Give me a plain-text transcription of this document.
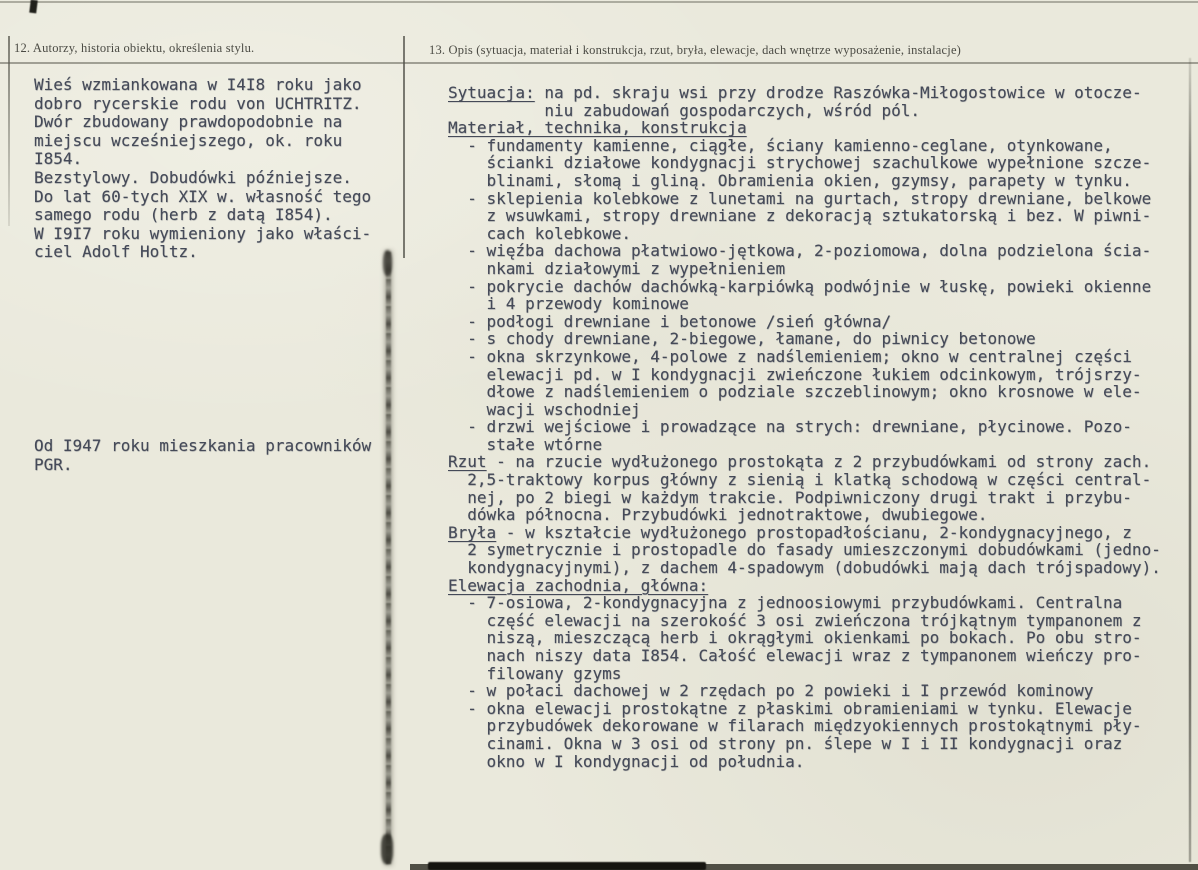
12. Autorzy, historia obiektu, określenia stylu.	13. Opis (sytuacja, materiał i konstrukcja, rzut, bryła, elewacje, dach wnętrze wyposażenie, instalacje)
Wieś wzmiankowana w I4I8 roku jako
dobro rycerskie rodu von UCHTRITZ.
Dwór zbudowany prawdopodobnie na
miejscu wcześniejszego, ok. roku
I854.
Bezstylowy. Dobudówki późniejsze.
Do lat 60-tych XIX w. własność tego
samego rodu (herb z datą I854).
W I9I7 roku wymieniony jako właści-
ciel Adolf Holtz.
Od I947 roku mieszkania pracowników
PGR.
Sytuacja: na pd. skraju wsi przy drodze Raszówka-Miłogostowice w otocze-
niu zabudowań gospodarczych, wśród pól.
Materiał, technika, konstrukcja
- fundamenty kamienne, ciągłe, ściany kamienno-ceglane, otynkowane,
ścianki działowe kondygnacji strychowej szachulkowe wypełnione szcze-
blinami, słomą i gliną. Obramienia okien, gzymsy, parapety w tynku.
- sklepienia kolebkowe z lunetami na gurtach, stropy drewniane, belkowe
z wsuwkami, stropy drewniane z dekoracją sztukatorską i bez. W piwni-
cach kolebkowe.
- więźba dachowa płatwiowo-jętkowa, 2-poziomowa, dolna podzielona ścia-
nkami działowymi z wypełnieniem
- pokrycie dachów dachówką-karpiówką podwójnie w łuskę, powieki okienne
i 4 przewody kominowe
- podłogi drewniane i betonowe /sień główna/
- s chody drewniane, 2-biegowe, łamane, do piwnicy betonowe
- okna skrzynkowe, 4-polowe z nadślemieniem; okno w centralnej części
elewacji pd. w I kondygnacji zwieńczone łukiem odcinkowym, trójsrzy-
dłowe z nadślemieniem o podziale szczeblinowym; okno krosnowe w ele-
wacji wschodniej
- drzwi wejściowe i prowadzące na strych: drewniane, płycinowe. Pozo-
stałe wtórne
Rzut - na rzucie wydłużonego prostokąta z 2 przybudówkami od strony zach.
2,5-traktowy korpus główny z sienią i klatką schodową w części central-
nej, po 2 biegi w każdym trakcie. Podpiwniczony drugi trakt i przybu-
dówka północna. Przybudówki jednotraktowe, dwubiegowe.
Bryła - w kształcie wydłużonego prostopadłościanu, 2-kondygnacyjnego, z
2 symetrycznie i prostopadle do fasady umieszczonymi dobudówkami (jedno-
kondygnacyjnymi), z dachem 4-spadowym (dobudówki mają dach trójspadowy).
Elewacja zachodnia, główna:
- 7-osiowa, 2-kondygnacyjna z jednoosiowymi przybudówkami. Centralna
część elewacji na szerokość 3 osi zwieńczona trójkątnym tympanonem z
niszą, mieszczącą herb i okrągłymi okienkami po bokach. Po obu stro-
nach niszy data I854. Całość elewacji wraz z tympanonem wieńczy pro-
filowany gzyms
- w połaci dachowej w 2 rzędach po 2 powieki i I przewód kominowy
- okna elewacji prostokątne z płaskimi obramieniami w tynku. Elewacje
przybudówek dekorowane w filarach międzyokiennych prostokątnymi pły-
cinami. Okna w 3 osi od strony pn. ślepe w I i II kondygnacji oraz
okno w I kondygnacji od południa.
